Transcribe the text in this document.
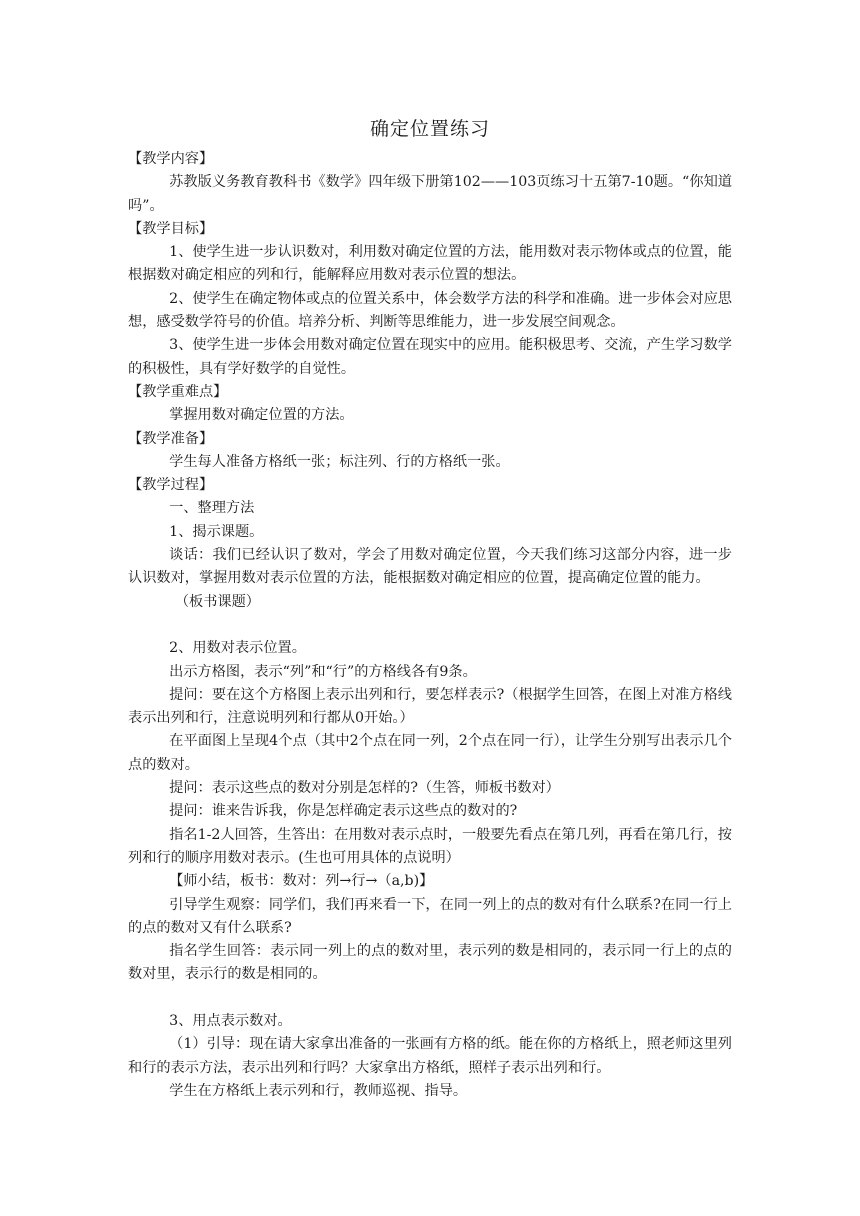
确定位置练习

【教学内容】

苏教版义务教育教科书《数学》四年级下册第102——103页练习十五第7-10题。“你知道吗”。

【教学目标】

1、使学生进一步认识数对，利用数对确定位置的方法，能用数对表示物体或点的位置，能根据数对确定相应的列和行，能解释应用数对表示位置的想法。

2、使学生在确定物体或点的位置关系中，体会数学方法的科学和准确。进一步体会对应思想，感受数学符号的价值。培养分析、判断等思维能力，进一步发展空间观念。

3、使学生进一步体会用数对确定位置在现实中的应用。能积极思考、交流，产生学习数学的积极性，具有学好数学的自觉性。

【教学重难点】

掌握用数对确定位置的方法。

【教学准备】

学生每人准备方格纸一张；标注列、行的方格纸一张。

【教学过程】

一、整理方法

1、揭示课题。

谈话：我们已经认识了数对，学会了用数对确定位置，今天我们练习这部分内容，进一步认识数对，掌握用数对表示位置的方法，能根据数对确定相应的位置，提高确定位置的能力。

（板书课题）

2、用数对表示位置。

出示方格图，表示“列”和“行”的方格线各有9条。

提问：要在这个方格图上表示出列和行，要怎样表示?（根据学生回答，在图上对准方格线表示出列和行，注意说明列和行都从0开始。）

在平面图上呈现4个点（其中2个点在同一列，2个点在同一行），让学生分别写出表示几个点的数对。

提问：表示这些点的数对分别是怎样的?（生答，师板书数对）

提问：谁来告诉我，你是怎样确定表示这些点的数对的?

指名1-2人回答，生答出：在用数对表示点时，一般要先看点在第几列，再看在第几行，按列和行的顺序用数对表示。(生也可用具体的点说明）

【师小结，板书：数对：列→行→（a,b)】

引导学生观察：同学们，我们再来看一下，在同一列上的点的数对有什么联系?在同一行上的点的数对又有什么联系?

指名学生回答：表示同一列上的点的数对里，表示列的数是相同的，表示同一行上的点的数对里，表示行的数是相同的。

3、用点表示数对。

（1）引导：现在请大家拿出准备的一张画有方格的纸。能在你的方格纸上，照老师这里列和行的表示方法，表示出列和行吗？大家拿出方格纸，照样子表示出列和行。

学生在方格纸上表示列和行，教师巡视、指导。
